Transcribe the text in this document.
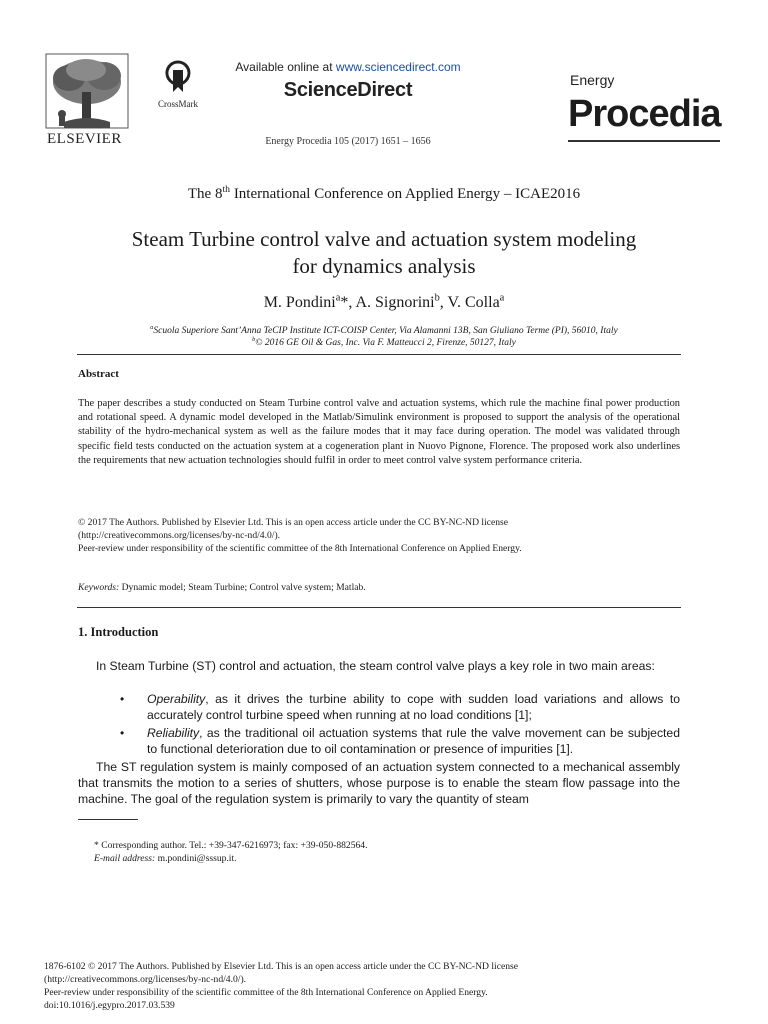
ELSEVIER
CrossMark
Available online at www.sciencedirect.com
ScienceDirect
Energy Procedia 105 (2017) 1651 – 1656
Energy
Procedia
The 8th International Conference on Applied Energy – ICAE2016
Steam Turbine control valve and actuation system modeling
for dynamics analysis
M. Pondini$^a$*, A. Signorini$^b$, V. Colla$^a$
$^a$Scuola Superiore Sant’Anna TeCIP Institute ICT-COISP Center, Via Alamanni 13B, San Giuliano Terme (PI), 56010, Italy
$^b$© 2016 GE Oil & Gas, Inc. Via F. Matteucci 2, Firenze, 50127, Italy
Abstract
The paper describes a study conducted on Steam Turbine control valve and actuation systems, which rule the machine final power production and rotational speed. A dynamic model developed in the Matlab/Simulink environment is proposed to support the analysis of the operational stability of the hydro-mechanical system as well as the failure modes that it may face during operation. The model was validated through specific field tests conducted on the actuation system at a cogeneration plant in Nuovo Pignone, Florence. The proposed work also underlines the requirements that new actuation technologies should fulfil in order to meet control valve system performance criteria.
© 2017 The Authors. Published by Elsevier Ltd. This is an open access article under the CC BY-NC-ND license
(http://creativecommons.org/licenses/by-nc-nd/4.0/).
Peer-review under responsibility of the scientific committee of the 8th International Conference on Applied Energy.
Keywords: Dynamic model; Steam Turbine; Control valve system; Matlab.
1. Introduction
In Steam Turbine (ST) control and actuation, the steam control valve plays a key role in two main areas:
• Operability, as it drives the turbine ability to cope with sudden load variations and allows to accurately control turbine speed when running at no load conditions [1];
• Reliability, as the traditional oil actuation systems that rule the valve movement can be subjected to functional deterioration due to oil contamination or presence of impurities [1].
The ST regulation system is mainly composed of an actuation system connected to a mechanical assembly that transmits the motion to a series of shutters, whose purpose is to enable the steam flow passage into the machine. The goal of the regulation system is primarily to vary the quantity of steam
* Corresponding author. Tel.: +39-347-6216973; fax: +39-050-882564.
E-mail address: m.pondini@sssup.it.
1876-6102 © 2017 The Authors. Published by Elsevier Ltd. This is an open access article under the CC BY-NC-ND license
(http://creativecommons.org/licenses/by-nc-nd/4.0/).
Peer-review under responsibility of the scientific committee of the 8th International Conference on Applied Energy.
doi:10.1016/j.egypro.2017.03.539
